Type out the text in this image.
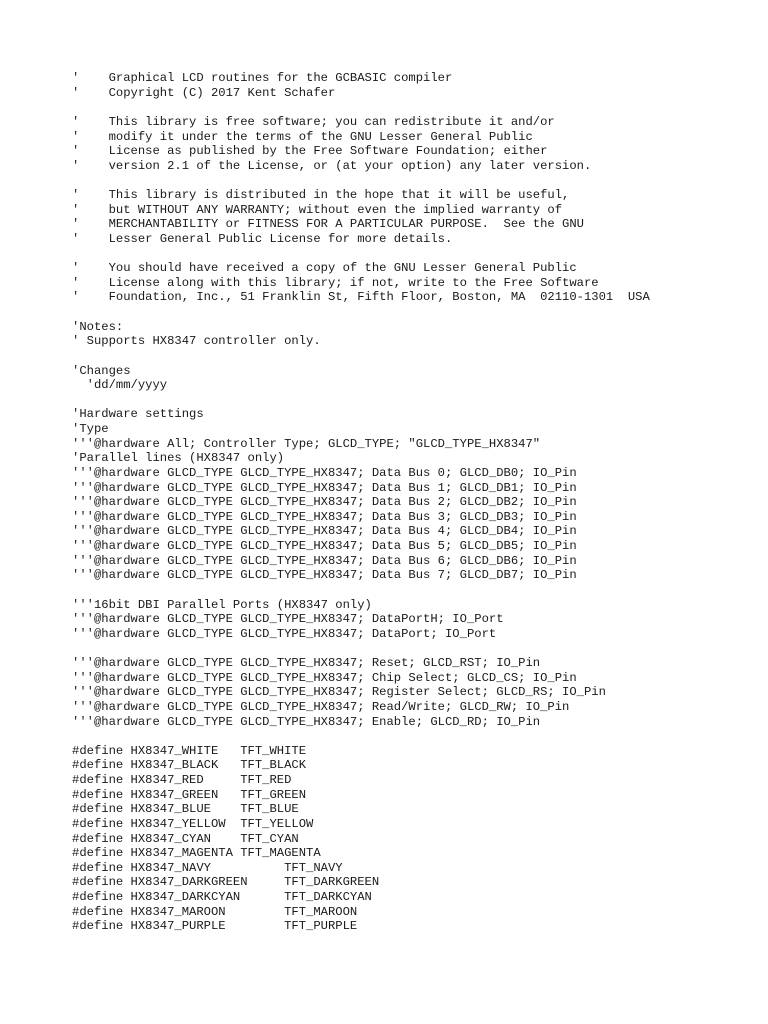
'    Graphical LCD routines for the GCBASIC compiler
'    Copyright (C) 2017 Kent Schafer
'    This library is free software; you can redistribute it and/or
'    modify it under the terms of the GNU Lesser General Public
'    License as published by the Free Software Foundation; either
'    version 2.1 of the License, or (at your option) any later version.
'    This library is distributed in the hope that it will be useful,
'    but WITHOUT ANY WARRANTY; without even the implied warranty of
'    MERCHANTABILITY or FITNESS FOR A PARTICULAR PURPOSE.  See the GNU
'    Lesser General Public License for more details.
'    You should have received a copy of the GNU Lesser General Public
'    License along with this library; if not, write to the Free Software
'    Foundation, Inc., 51 Franklin St, Fifth Floor, Boston, MA  02110-1301  USA
'Notes:
' Supports HX8347 controller only.
'Changes
'dd/mm/yyyy
'Hardware settings
'Type
'''@hardware All; Controller Type; GLCD_TYPE; "GLCD_TYPE_HX8347"
'Parallel lines (HX8347 only)
'''@hardware GLCD_TYPE GLCD_TYPE_HX8347; Data Bus 0; GLCD_DB0; IO_Pin
'''@hardware GLCD_TYPE GLCD_TYPE_HX8347; Data Bus 1; GLCD_DB1; IO_Pin
'''@hardware GLCD_TYPE GLCD_TYPE_HX8347; Data Bus 2; GLCD_DB2; IO_Pin
'''@hardware GLCD_TYPE GLCD_TYPE_HX8347; Data Bus 3; GLCD_DB3; IO_Pin
'''@hardware GLCD_TYPE GLCD_TYPE_HX8347; Data Bus 4; GLCD_DB4; IO_Pin
'''@hardware GLCD_TYPE GLCD_TYPE_HX8347; Data Bus 5; GLCD_DB5; IO_Pin
'''@hardware GLCD_TYPE GLCD_TYPE_HX8347; Data Bus 6; GLCD_DB6; IO_Pin
'''@hardware GLCD_TYPE GLCD_TYPE_HX8347; Data Bus 7; GLCD_DB7; IO_Pin
'''16bit DBI Parallel Ports (HX8347 only)
'''@hardware GLCD_TYPE GLCD_TYPE_HX8347; DataPortH; IO_Port
'''@hardware GLCD_TYPE GLCD_TYPE_HX8347; DataPort; IO_Port
'''@hardware GLCD_TYPE GLCD_TYPE_HX8347; Reset; GLCD_RST; IO_Pin
'''@hardware GLCD_TYPE GLCD_TYPE_HX8347; Chip Select; GLCD_CS; IO_Pin
'''@hardware GLCD_TYPE GLCD_TYPE_HX8347; Register Select; GLCD_RS; IO_Pin
'''@hardware GLCD_TYPE GLCD_TYPE_HX8347; Read/Write; GLCD_RW; IO_Pin
'''@hardware GLCD_TYPE GLCD_TYPE_HX8347; Enable; GLCD_RD; IO_Pin
#define HX8347_WHITE   TFT_WHITE
#define HX8347_BLACK   TFT_BLACK
#define HX8347_RED     TFT_RED
#define HX8347_GREEN   TFT_GREEN
#define HX8347_BLUE    TFT_BLUE
#define HX8347_YELLOW  TFT_YELLOW
#define HX8347_CYAN    TFT_CYAN
#define HX8347_MAGENTA TFT_MAGENTA
#define HX8347_NAVY          TFT_NAVY
#define HX8347_DARKGREEN     TFT_DARKGREEN
#define HX8347_DARKCYAN      TFT_DARKCYAN
#define HX8347_MAROON        TFT_MAROON
#define HX8347_PURPLE        TFT_PURPLE
